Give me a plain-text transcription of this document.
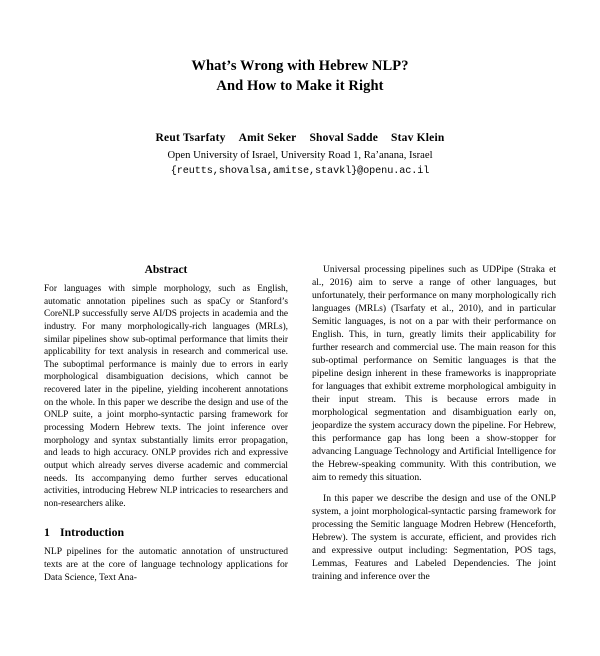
What’s Wrong with Hebrew NLP?
And How to Make it Right
Reut Tsarfaty Amit Seker Shoval Sadde Stav Klein
Open University of Israel, University Road 1, Ra’anana, Israel
{reutts,shovalsa,amitse,stavkl}@openu.ac.il
Abstract

For languages with simple morphology, such as English, automatic annotation pipelines such as spaCy or Stanford’s CoreNLP successfully serve AI/DS projects in academia and the industry. For many morphologically-rich languages (MRLs), similar pipelines show sub-optimal performance that limits their applicability for text analysis in research and commerical use. The suboptimal performance is mainly due to errors in early morphological disambiguation decisions, which cannot be recovered later in the pipeline, yielding incoherent annotations on the whole. In this paper we describe the design and use of the ONLP suite, a joint morpho-syntactic parsing framework for processing Modern Hebrew texts. The joint inference over morphology and syntax substantially limits error propagation, and leads to high accuracy. ONLP provides rich and expressive output which already serves diverse academic and commercial needs. Its accompanying demo further serves educational activities, introducing Hebrew NLP intricacies to researchers and non-researchers alike.

1 Introduction

NLP pipelines for the automatic annotation of unstructured texts are at the core of language technology applications for Data Science, Text Ana-

Universal processing pipelines such as UDPipe (Straka et al., 2016) aim to serve a range of other languages, but unfortunately, their performance on many morphologically rich languages (MRLs) (Tsarfaty et al., 2010), and in particular Semitic languages, is not on a par with their performance on English. This, in turn, greatly limits their applicability for further research and commercial use. The main reason for this sub-optimal performance on Semitic languages is that the pipeline design inherent in these frameworks is inappropriate for languages that exhibit extreme morphological ambiguity in their input stream. This is because errors made in morphological segmentation and disambiguation early on, jeopardize the system accuracy down the pipeline. For Hebrew, this performance gap has long been a show-stopper for advancing Language Technology and Artificial Intelligence for the Hebrew-speaking community. With this contribution, we aim to remedy this situation.

In this paper we describe the design and use of the ONLP system, a joint morphological-syntactic parsing framework for processing the Semitic language Modren Hebrew (Henceforth, Hebrew). The system is accurate, efficient, and provides rich and expressive output including: Segmentation, POS tags, Lemmas, Features and Labeled Dependencies. The joint training and inference over the
